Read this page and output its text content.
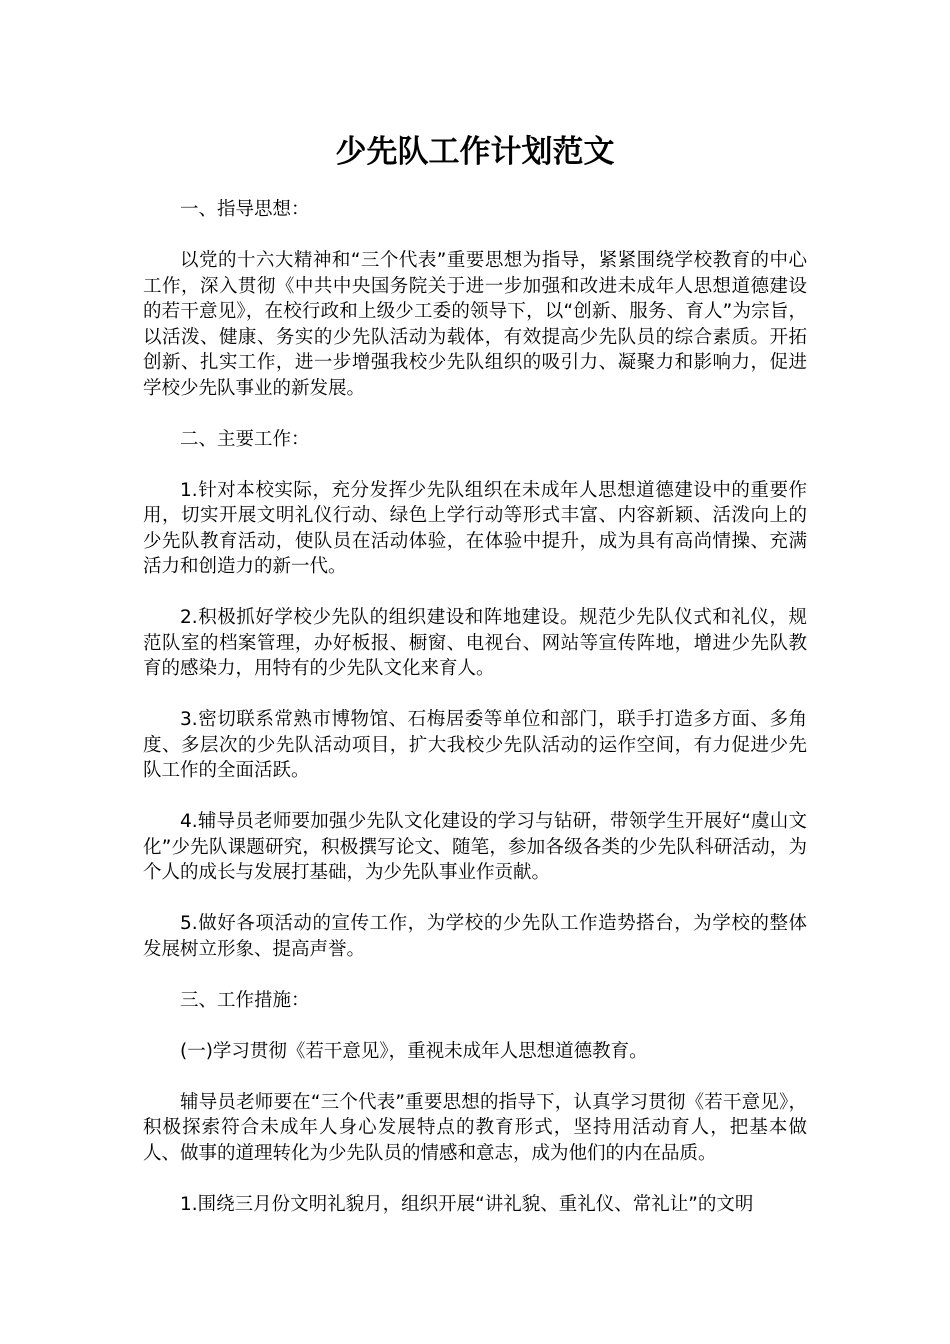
少先队工作计划范文

一、指导思想：

以党的十六大精神和“三个代表”重要思想为指导，紧紧围绕学校教育的中心工作，深入贯彻《中共中央国务院关于进一步加强和改进未成年人思想道德建设的若干意见》，在校行政和上级少工委的领导下，以“创新、服务、育人”为宗旨，以活泼、健康、务实的少先队活动为载体，有效提高少先队员的综合素质。开拓创新、扎实工作，进一步增强我校少先队组织的吸引力、凝聚力和影响力，促进学校少先队事业的新发展。

二、主要工作：

1.针对本校实际，充分发挥少先队组织在未成年人思想道德建设中的重要作用，切实开展文明礼仪行动、绿色上学行动等形式丰富、内容新颖、活泼向上的少先队教育活动，使队员在活动体验，在体验中提升，成为具有高尚情操、充满活力和创造力的新一代。

2.积极抓好学校少先队的组织建设和阵地建设。规范少先队仪式和礼仪，规范队室的档案管理，办好板报、橱窗、电视台、网站等宣传阵地，增进少先队教育的感染力，用特有的少先队文化来育人。

3.密切联系常熟市博物馆、石梅居委等单位和部门，联手打造多方面、多角度、多层次的少先队活动项目，扩大我校少先队活动的运作空间，有力促进少先队工作的全面活跃。

4.辅导员老师要加强少先队文化建设的学习与钻研，带领学生开展好“虞山文化”少先队课题研究，积极撰写论文、随笔，参加各级各类的少先队科研活动，为个人的成长与发展打基础，为少先队事业作贡献。

5.做好各项活动的宣传工作，为学校的少先队工作造势搭台，为学校的整体发展树立形象、提高声誉。

三、工作措施：

(一)学习贯彻《若干意见》，重视未成年人思想道德教育。

辅导员老师要在“三个代表”重要思想的指导下，认真学习贯彻《若干意见》，积极探索符合未成年人身心发展特点的教育形式，坚持用活动育人，把基本做人、做事的道理转化为少先队员的情感和意志，成为他们的内在品质。

1.围绕三月份文明礼貌月，组织开展“讲礼貌、重礼仪、常礼让”的文明
